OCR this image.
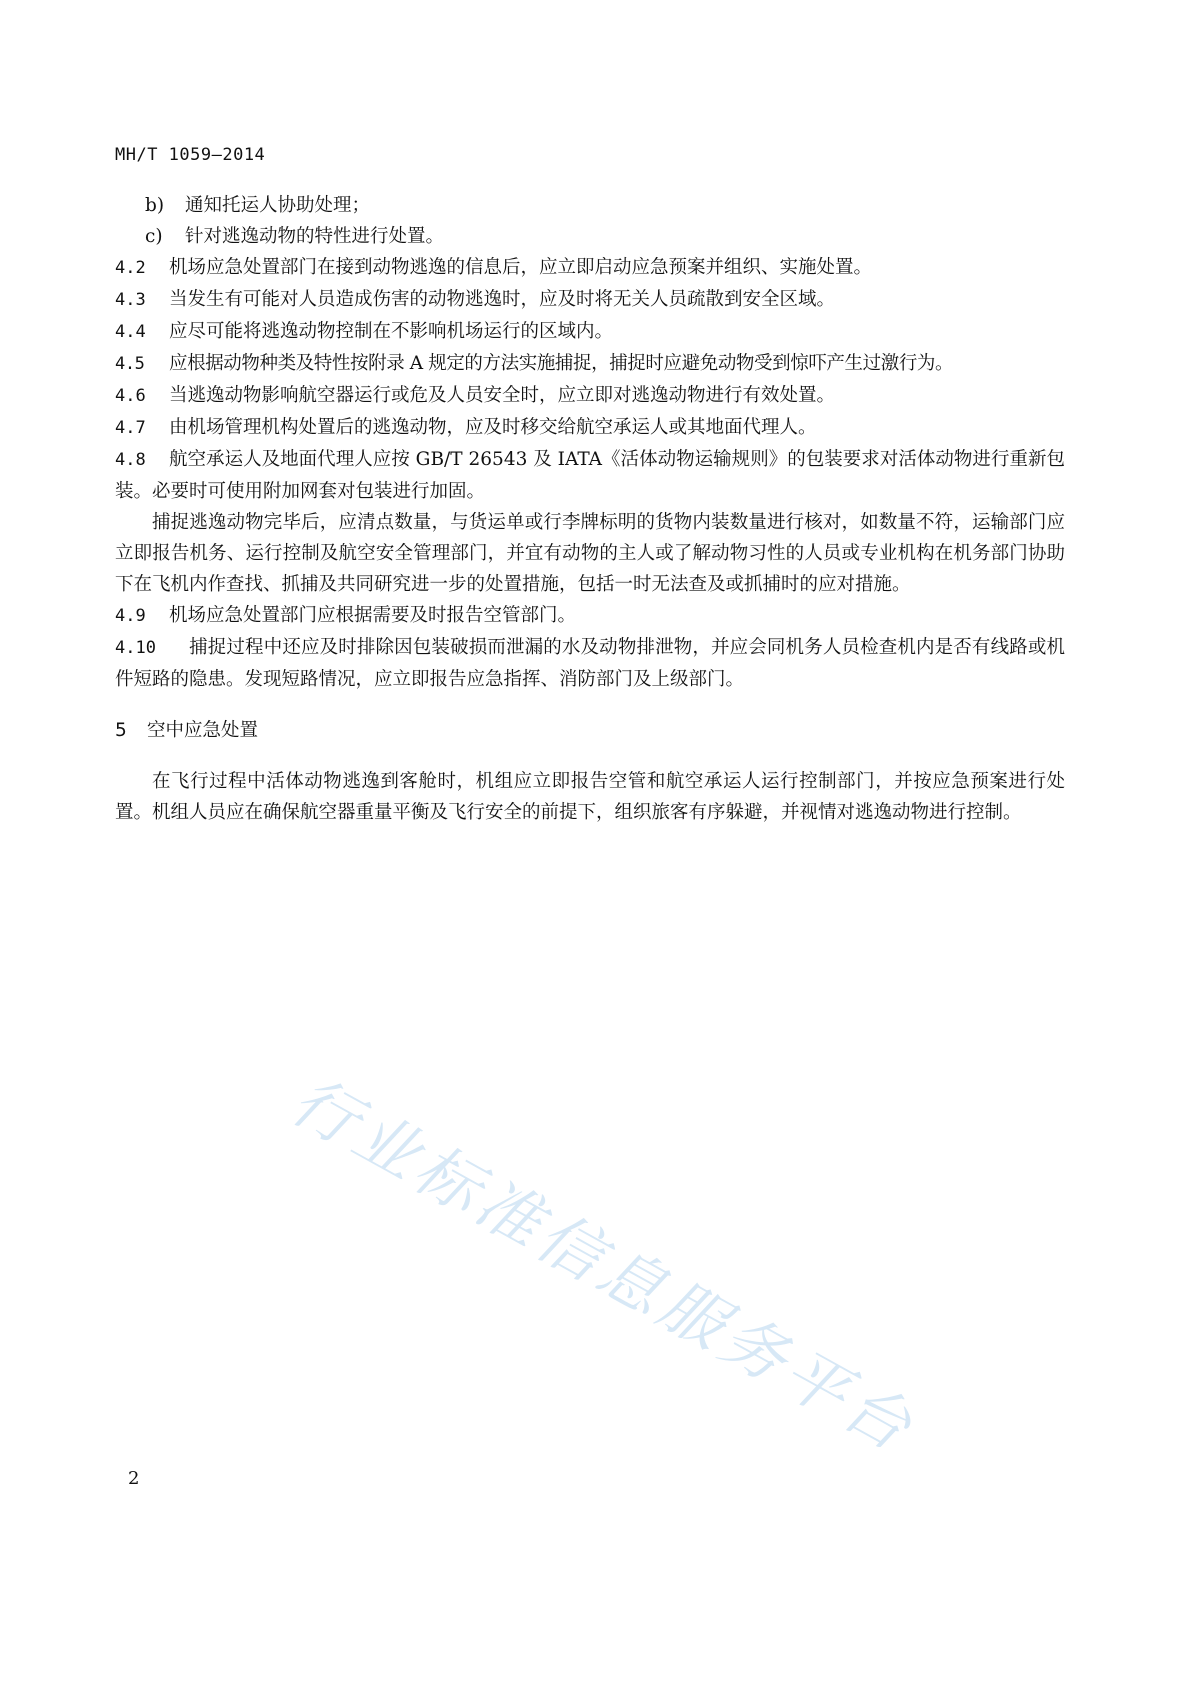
MH/T 1059—2014
b) 通知托运人协助处理；
c) 针对逃逸动物的特性进行处置。
4.2 机场应急处置部门在接到动物逃逸的信息后，应立即启动应急预案并组织、实施处置。
4.3 当发生有可能对人员造成伤害的动物逃逸时，应及时将无关人员疏散到安全区域。
4.4 应尽可能将逃逸动物控制在不影响机场运行的区域内。
4.5 应根据动物种类及特性按附录 A 规定的方法实施捕捉，捕捉时应避免动物受到惊吓产生过激行为。
4.6 当逃逸动物影响航空器运行或危及人员安全时，应立即对逃逸动物进行有效处置。
4.7 由机场管理机构处置后的逃逸动物，应及时移交给航空承运人或其地面代理人。
4.8 航空承运人及地面代理人应按 GB/T 26543 及 IATA《活体动物运输规则》的包装要求对活体动物进行重新包装。必要时可使用附加网套对包装进行加固。
捕捉逃逸动物完毕后，应清点数量，与货运单或行李牌标明的货物内装数量进行核对，如数量不符，运输部门应立即报告机务、运行控制及航空安全管理部门，并宜有动物的主人或了解动物习性的人员或专业机构在机务部门协助下在飞机内作查找、抓捕及共同研究进一步的处置措施，包括一时无法查及或抓捕时的应对措施。
4.9 机场应急处置部门应根据需要及时报告空管部门。
4.10 捕捉过程中还应及时排除因包装破损而泄漏的水及动物排泄物，并应会同机务人员检查机内是否有线路或机件短路的隐患。发现短路情况，应立即报告应急指挥、消防部门及上级部门。
5 空中应急处置
在飞行过程中活体动物逃逸到客舱时，机组应立即报告空管和航空承运人运行控制部门，并按应急预案进行处置。机组人员应在确保航空器重量平衡及飞行安全的前提下，组织旅客有序躲避，并视情对逃逸动物进行控制。
行业标准信息服务平台
2
